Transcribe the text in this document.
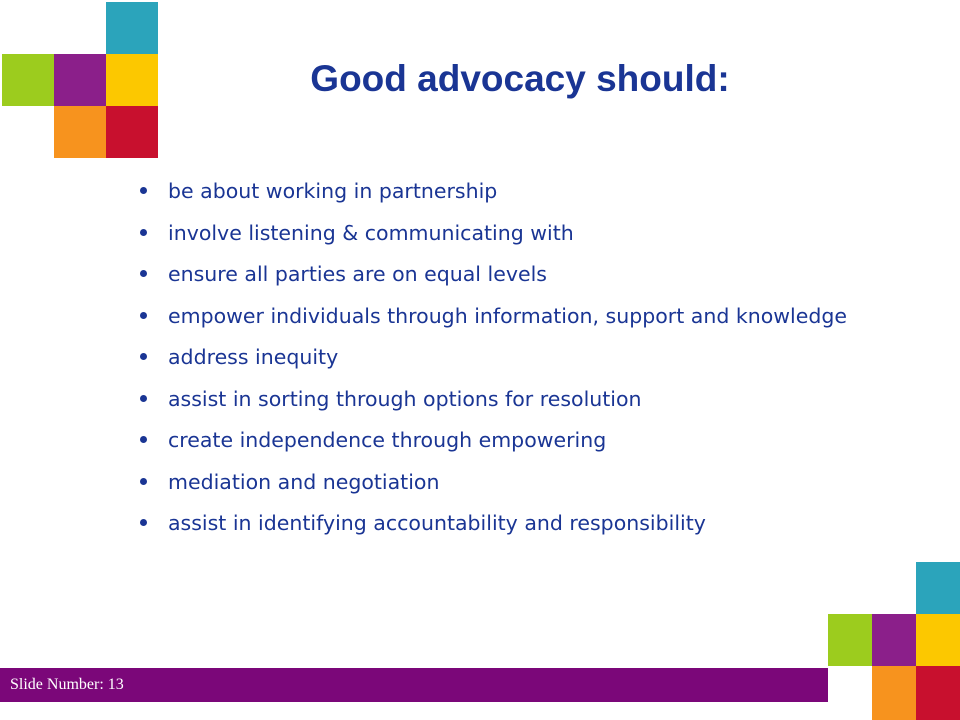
Good advocacy should:
be about working in partnership
involve listening & communicating with
ensure all parties are on equal levels
empower individuals through information, support and knowledge
address inequity
assist in sorting through options for resolution
create independence through empowering
mediation and negotiation
assist in identifying accountability and responsibility
Slide Number: 13
